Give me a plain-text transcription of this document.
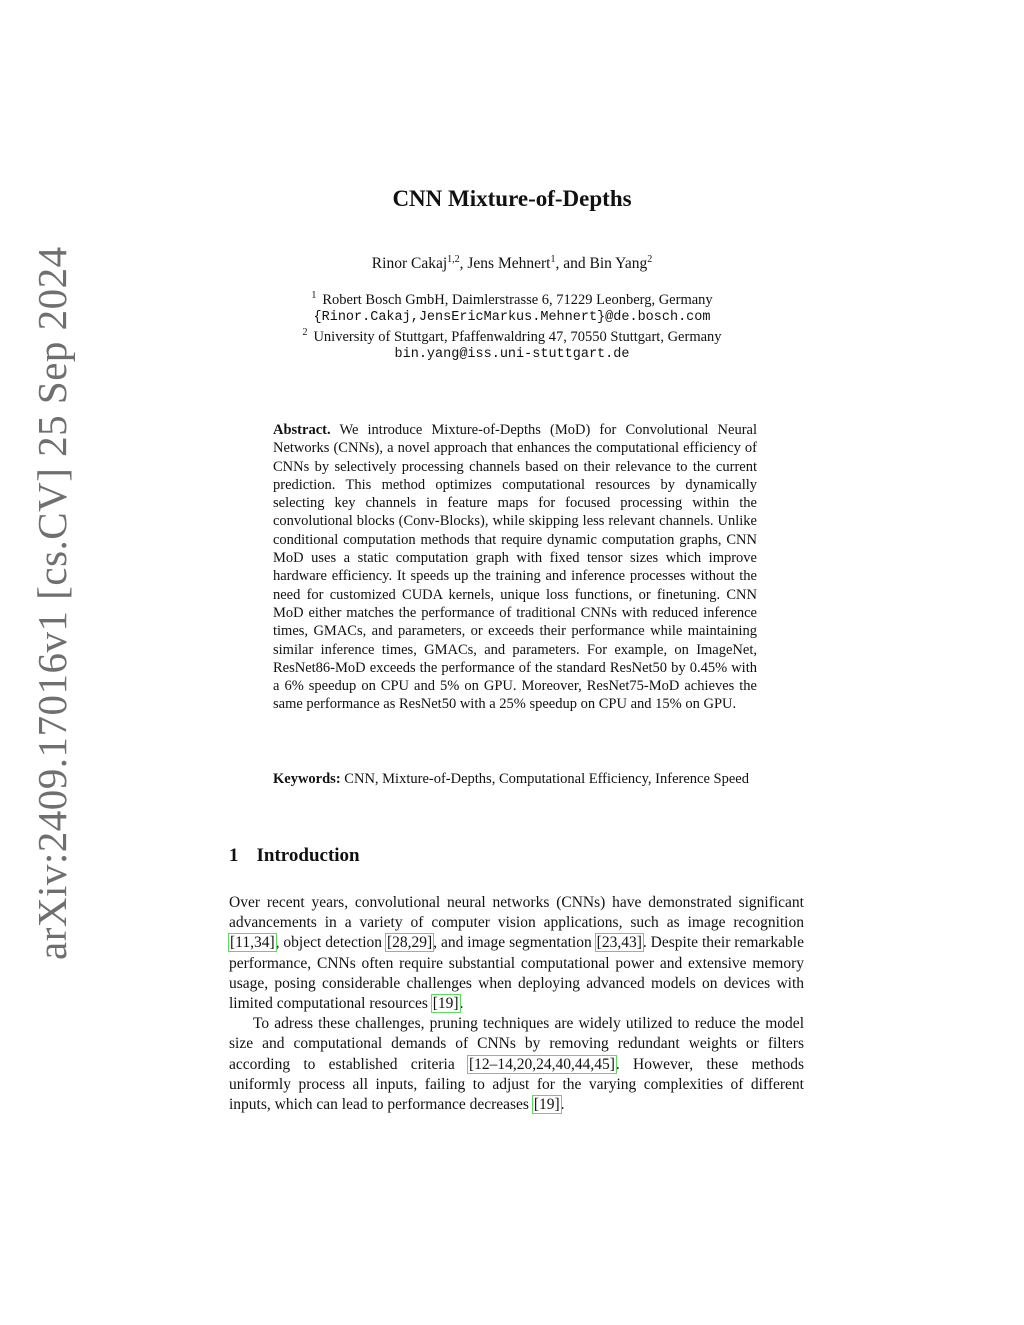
arXiv:2409.17016v1 [cs.CV] 25 Sep 2024
CNN Mixture-of-Depths
Rinor Cakaj$^{1,2}$, Jens Mehnert$^1$, and Bin Yang$^2$
$^1$ Robert Bosch GmbH, Daimlerstrasse 6, 71229 Leonberg, Germany
{Rinor.Cakaj,JensEricMarkus.Mehnert}@de.bosch.com
$^2$ University of Stuttgart, Pfaffenwaldring 47, 70550 Stuttgart, Germany
bin.yang@iss.uni-stuttgart.de
Abstract. We introduce Mixture-of-Depths (MoD) for Convolutional Neural Networks (CNNs), a novel approach that enhances the computational efficiency of CNNs by selectively processing channels based on their relevance to the current prediction. This method optimizes computational resources by dynamically selecting key channels in feature maps for focused processing within the convolutional blocks (Conv-Blocks), while skipping less relevant channels. Unlike conditional computation methods that require dynamic computation graphs, CNN MoD uses a static computation graph with fixed tensor sizes which improve hardware efficiency. It speeds up the training and inference processes without the need for customized CUDA kernels, unique loss functions, or finetuning. CNN MoD either matches the performance of traditional CNNs with reduced inference times, GMACs, and parameters, or exceeds their performance while maintaining similar inference times, GMACs, and parameters. For example, on ImageNet, ResNet86-MoD exceeds the performance of the standard ResNet50 by 0.45% with a 6% speedup on CPU and 5% on GPU. Moreover, ResNet75-MoD achieves the same performance as ResNet50 with a 25% speedup on CPU and 15% on GPU.
Keywords: CNN, Mixture-of-Depths, Computational Efficiency, Inference Speed
1 Introduction

Over recent years, convolutional neural networks (CNNs) have demonstrated significant advancements in a variety of computer vision applications, such as image recognition [11,34], object detection [28,29], and image segmentation [23,43]. Despite their remarkable performance, CNNs often require substantial computational power and extensive memory usage, posing considerable challenges when deploying advanced models on devices with limited computational resources [19].

To adress these challenges, pruning techniques are widely utilized to reduce the model size and computational demands of CNNs by removing redundant weights or filters according to established criteria [12–14,20,24,40,44,45]. However, these methods uniformly process all inputs, failing to adjust for the varying complexities of different inputs, which can lead to performance decreases [19].
